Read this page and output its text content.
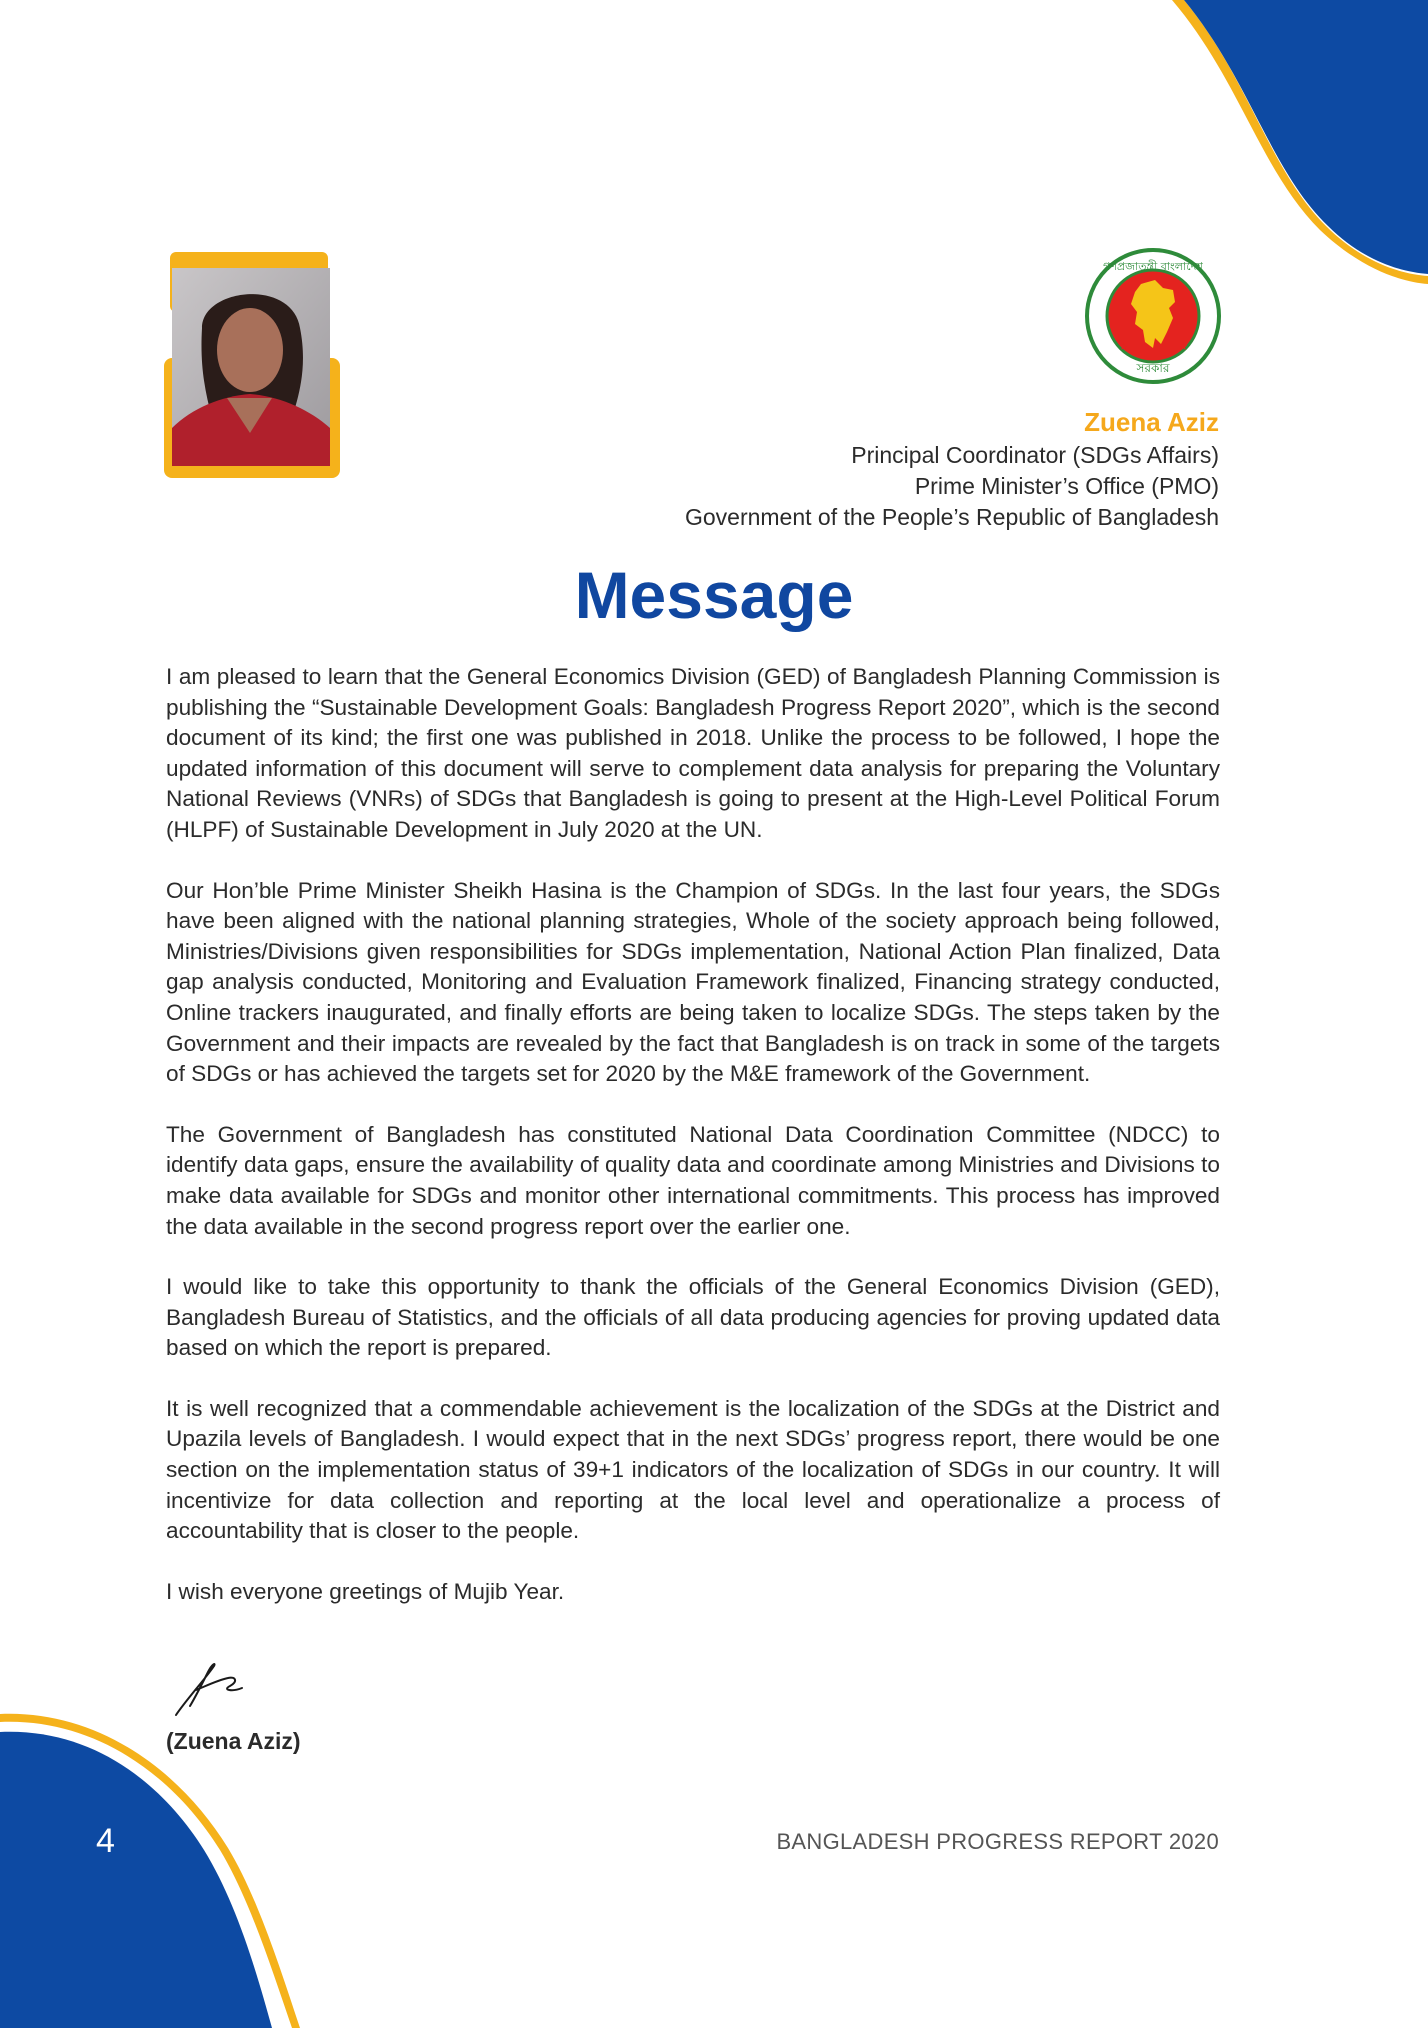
★	★
গণপ্রজাতন্ত্রী বাংলাদেশ
সরকার
Zuena Aziz
Principal Coordinator (SDGs Affairs)
Prime Minister’s Office (PMO)
Government of the People’s Republic of Bangladesh
Message

I am pleased to learn that the General Economics Division (GED) of Bangladesh Planning Commission is publishing the “Sustainable Development Goals: Bangladesh Progress Report 2020”, which is the second document of its kind; the first one was published in 2018. Unlike the process to be followed, I hope the updated information of this document will serve to complement data analysis for preparing the Voluntary National Reviews (VNRs) of SDGs that Bangladesh is going to present at the High-Level Political Forum (HLPF) of Sustainable Development in July 2020 at the UN.

Our Hon’ble Prime Minister Sheikh Hasina is the Champion of SDGs. In the last four years, the SDGs have been aligned with the national planning strategies, Whole of the society approach being followed, Ministries/Divisions given responsibilities for SDGs implementation, National Action Plan finalized, Data gap analysis conducted, Monitoring and Evaluation Framework finalized, Financing strategy conducted, Online trackers inaugurated, and finally efforts are being taken to localize SDGs. The steps taken by the Government and their impacts are revealed by the fact that Bangladesh is on track in some of the targets of SDGs or has achieved the targets set for 2020 by the M&E framework of the Government.

The Government of Bangladesh has constituted National Data Coordination Committee (NDCC) to identify data gaps, ensure the availability of quality data and coordinate among Ministries and Divisions to make data available for SDGs and monitor other international commitments. This process has improved the data available in the second progress report over the earlier one.

I would like to take this opportunity to thank the officials of the General Economics Division (GED), Bangladesh Bureau of Statistics, and the officials of all data producing agencies for proving updated data based on which the report is prepared.

It is well recognized that a commendable achievement is the localization of the SDGs at the District and Upazila levels of Bangladesh. I would expect that in the next SDGs’ progress report, there would be one section on the implementation status of 39+1 indicators of the localization of SDGs in our country. It will incentivize for data collection and reporting at the local level and operationalize a process of accountability that is closer to the people.

I wish everyone greetings of Mujib Year.

(Zuena Aziz)
4	BANGLADESH PROGRESS REPORT 2020
